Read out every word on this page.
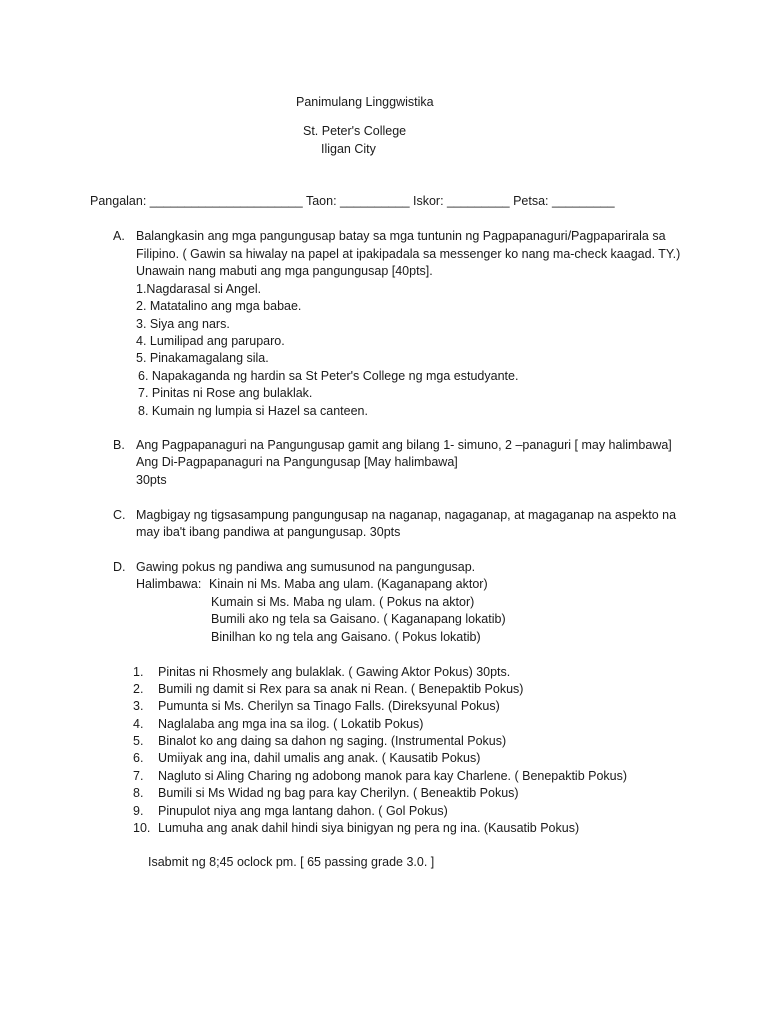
Panimulang Linggwistika
St. Peter's College
Iligan City
Pangalan: ______________________ Taon: __________ Iskor: _________ Petsa: _________
A. Balangkasin ang mga pangungusap batay sa mga tuntunin ng Pagpapanaguri/Pagpaparirala sa
Filipino. ( Gawin sa hiwalay na papel at ipakipadala sa messenger ko nang ma-check kaagad. TY.)
Unawain nang mabuti ang mga pangungusap [40pts].
1.Nagdarasal si Angel.
2. Matatalino ang mga babae.
3. Siya ang nars.
4. Lumilipad ang paruparo.
5. Pinakamagalang sila.
6. Napakaganda ng hardin sa St Peter's College ng mga estudyante.
7. Pinitas ni Rose ang bulaklak.
8. Kumain ng lumpia si Hazel sa canteen.
B. Ang Pagpapanaguri na Pangungusap gamit ang bilang 1- simuno, 2 –panaguri [ may halimbawa]
Ang Di-Pagpapanaguri na Pangungusap [May halimbawa]
30pts
C. Magbigay ng tigsasampung pangungusap na naganap, nagaganap, at magaganap na aspekto na
may iba't ibang pandiwa at pangungusap. 30pts
D. Gawing pokus ng pandiwa ang sumusunod na pangungusap.
Halimbawa: Kinain ni Ms. Maba ang ulam. (Kaganapang aktor)
Kumain si Ms. Maba ng ulam. ( Pokus na aktor)
Bumili ako ng tela sa Gaisano. ( Kaganapang lokatib)
Binilhan ko ng tela ang Gaisano. ( Pokus lokatib)
1. Pinitas ni Rhosmely ang bulaklak. ( Gawing Aktor Pokus) 30pts.
2. Bumili ng damit si Rex para sa anak ni Rean. ( Benepaktib Pokus)
3. Pumunta si Ms. Cherilyn sa Tinago Falls. (Direksyunal Pokus)
4. Naglalaba ang mga ina sa ilog. ( Lokatib Pokus)
5. Binalot ko ang daing sa dahon ng saging. (Instrumental Pokus)
6. Umiiyak ang ina, dahil umalis ang anak. ( Kausatib Pokus)
7. Nagluto si Aling Charing ng adobong manok para kay Charlene. ( Benepaktib Pokus)
8. Bumili si Ms Widad ng bag para kay Cherilyn. ( Beneaktib Pokus)
9. Pinupulot niya ang mga lantang dahon. ( Gol Pokus)
10. Lumuha ang anak dahil hindi siya binigyan ng pera ng ina. (Kausatib Pokus)
Isabmit ng 8;45 oclock pm. [ 65 passing grade 3.0. ]
